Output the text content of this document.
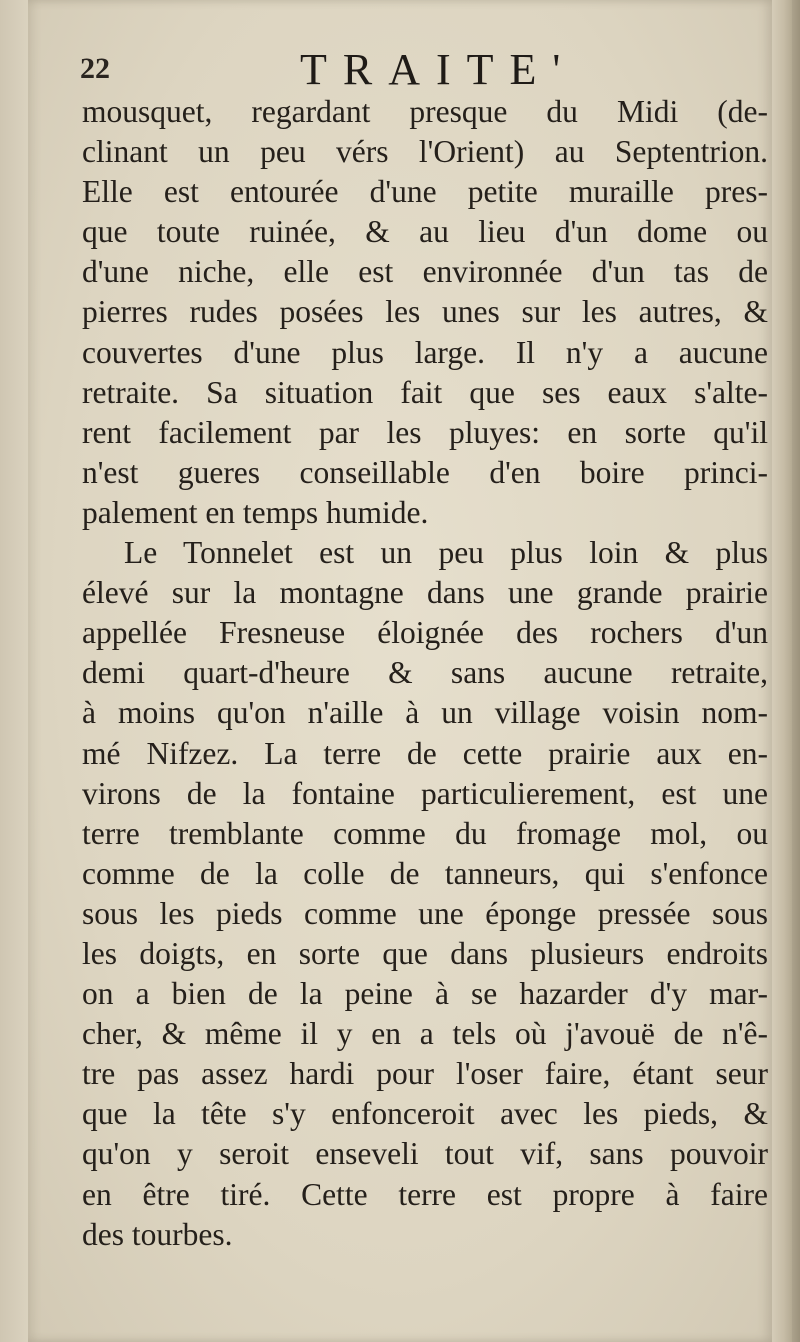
22	TRAITE'
mousquet, regardant presque du Midi (de-
clinant un peu vérs l'Orient) au Septentrion.
Elle est entourée d'une petite muraille pres-
que toute ruinée, & au lieu d'un dome ou
d'une niche, elle est environnée d'un tas de
pierres rudes posées les unes sur les autres, &
couvertes d'une plus large. Il n'y a aucune
retraite. Sa situation fait que ses eaux s'alte-
rent facilement par les pluyes: en sorte qu'il
n'est gueres conseillable d'en boire princi-
palement en temps humide.
Le Tonnelet est un peu plus loin & plus
élevé sur la montagne dans une grande prairie
appellée Fresneuse éloignée des rochers d'un
demi quart-d'heure & sans aucune retraite,
à moins qu'on n'aille à un village voisin nom-
mé Nifzez. La terre de cette prairie aux en-
virons de la fontaine particulierement, est une
terre tremblante comme du fromage mol, ou
comme de la colle de tanneurs, qui s'enfonce
sous les pieds comme une éponge pressée sous
les doigts, en sorte que dans plusieurs endroits
on a bien de la peine à se hazarder d'y mar-
cher, & même il y en a tels où j'avouë de n'ê-
tre pas assez hardi pour l'oser faire, étant seur
que la tête s'y enfonceroit avec les pieds, &
qu'on y seroit enseveli tout vif, sans pouvoir
en être tiré. Cette terre est propre à faire
des tourbes.
